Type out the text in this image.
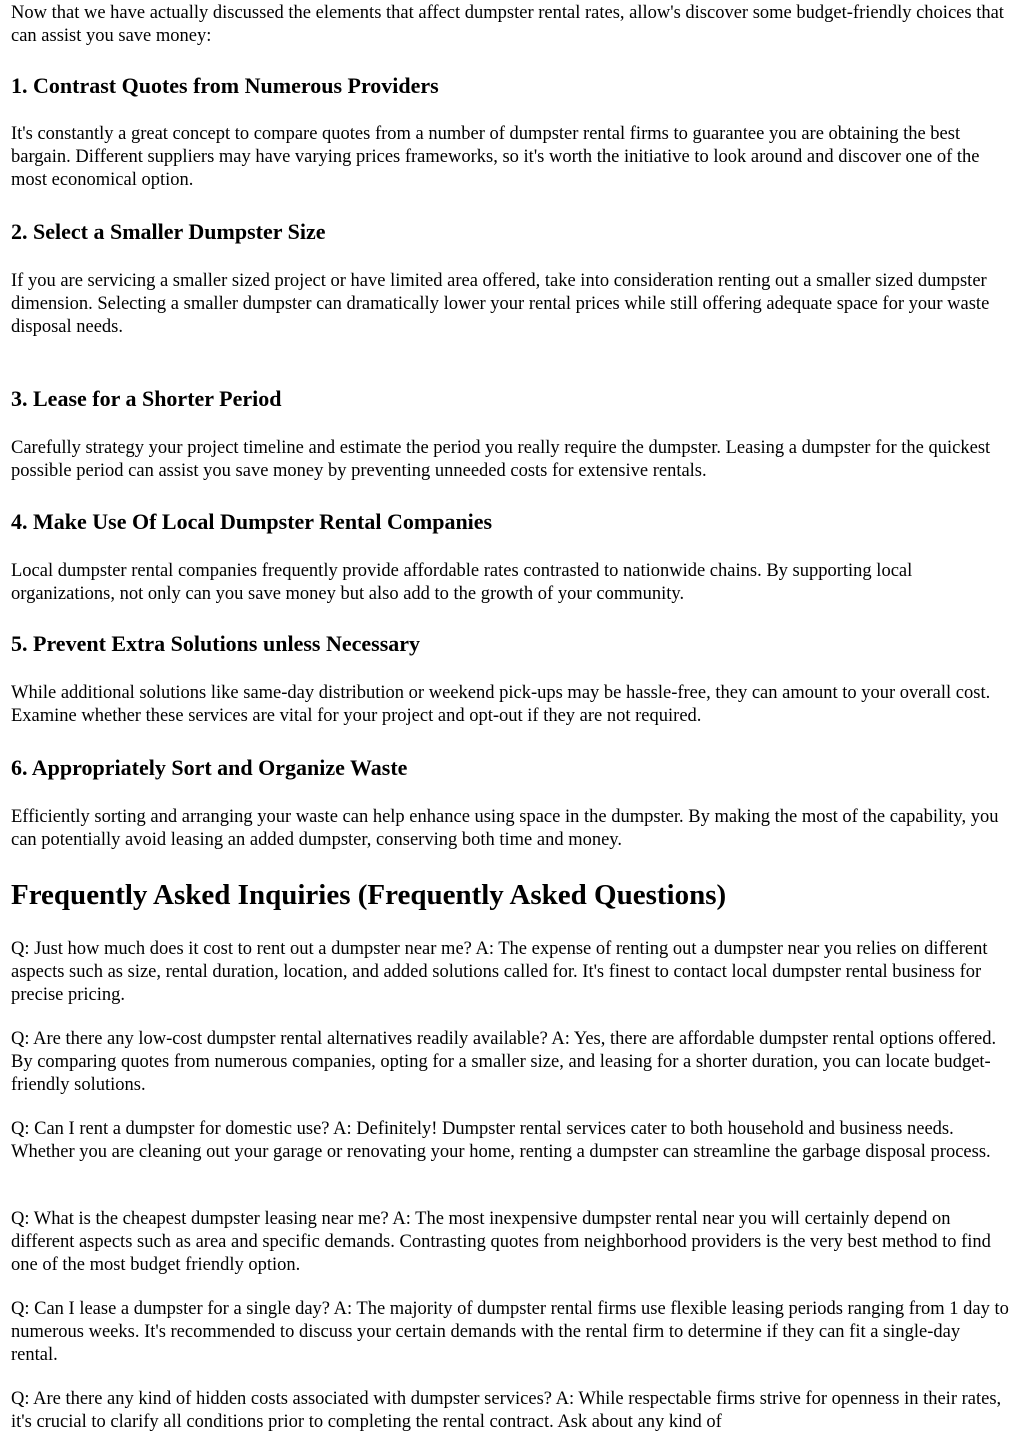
Now that we have actually discussed the elements that affect dumpster rental rates, allow's discover some budget-friendly choices that can assist you save money:

1. Contrast Quotes from Numerous Providers

It's constantly a great concept to compare quotes from a number of dumpster rental firms to guarantee you are obtaining the best bargain. Different suppliers may have varying prices frameworks, so it's worth the initiative to look around and discover one of the most economical option.

2. Select a Smaller Dumpster Size

If you are servicing a smaller sized project or have limited area offered, take into consideration renting out a smaller sized dumpster dimension. Selecting a smaller dumpster can dramatically lower your rental prices while still offering adequate space for your waste disposal needs.

3. Lease for a Shorter Period

Carefully strategy your project timeline and estimate the period you really require the dumpster. Leasing a dumpster for the quickest possible period can assist you save money by preventing unneeded costs for extensive rentals.

4. Make Use Of Local Dumpster Rental Companies

Local dumpster rental companies frequently provide affordable rates contrasted to nationwide chains. By supporting local organizations, not only can you save money but also add to the growth of your community.

5. Prevent Extra Solutions unless Necessary

While additional solutions like same-day distribution or weekend pick-ups may be hassle-free, they can amount to your overall cost. Examine whether these services are vital for your project and opt-out if they are not required.

6. Appropriately Sort and Organize Waste

Efficiently sorting and arranging your waste can help enhance using space in the dumpster. By making the most of the capability, you can potentially avoid leasing an added dumpster, conserving both time and money.

Frequently Asked Inquiries (Frequently Asked Questions)

Q: Just how much does it cost to rent out a dumpster near me? A: The expense of renting out a dumpster near you relies on different aspects such as size, rental duration, location, and added solutions called for. It's finest to contact local dumpster rental business for precise pricing.

Q: Are there any low-cost dumpster rental alternatives readily available? A: Yes, there are affordable dumpster rental options offered. By comparing quotes from numerous companies, opting for a smaller size, and leasing for a shorter duration, you can locate budget-friendly solutions.

Q: Can I rent a dumpster for domestic use? A: Definitely! Dumpster rental services cater to both household and business needs. Whether you are cleaning out your garage or renovating your home, renting a dumpster can streamline the garbage disposal process.

Q: What is the cheapest dumpster leasing near me? A: The most inexpensive dumpster rental near you will certainly depend on different aspects such as area and specific demands. Contrasting quotes from neighborhood providers is the very best method to find one of the most budget friendly option.

Q: Can I lease a dumpster for a single day? A: The majority of dumpster rental firms use flexible leasing periods ranging from 1 day to numerous weeks. It's recommended to discuss your certain demands with the rental firm to determine if they can fit a single-day rental.

Q: Are there any kind of hidden costs associated with dumpster services? A: While respectable firms strive for openness in their rates, it's crucial to clarify all conditions prior to completing the rental contract. Ask about any kind of
